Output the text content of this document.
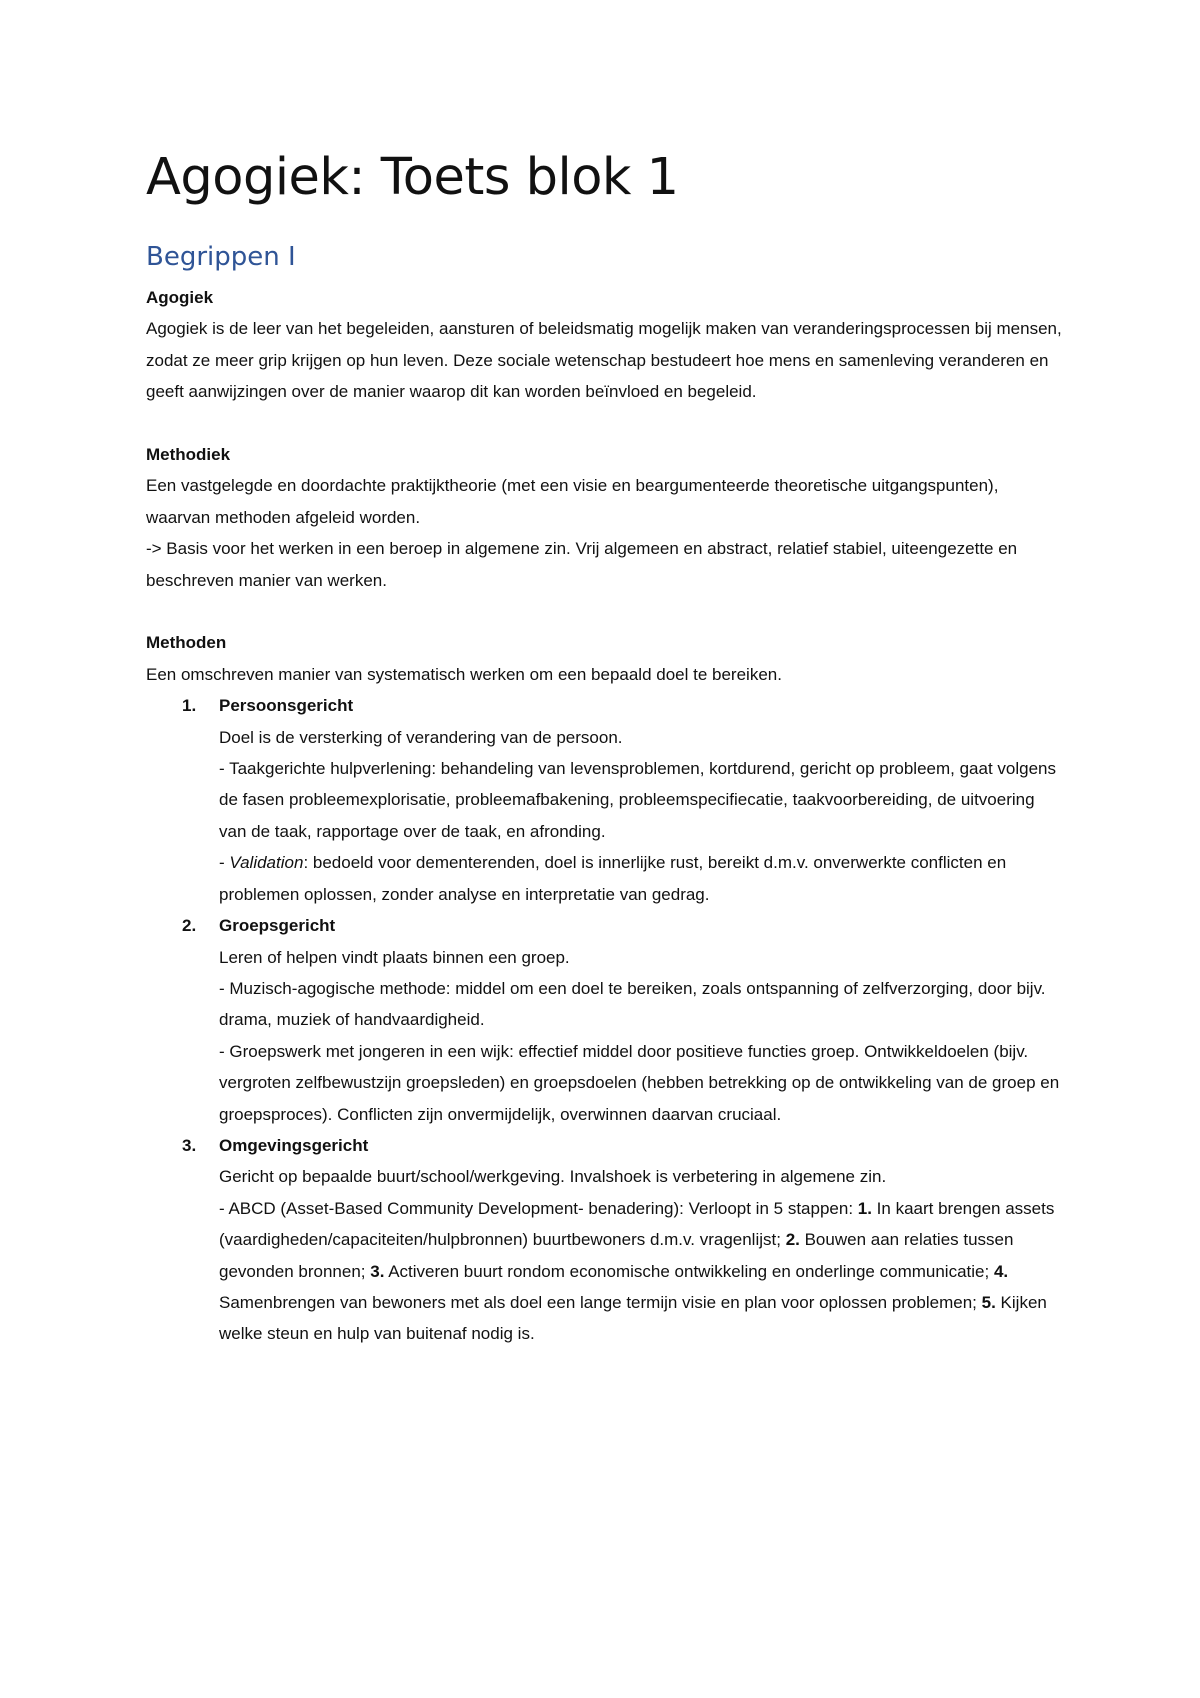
Agogiek: Toets blok 1
Begrippen I

Agogiek

Agogiek is de leer van het begeleiden, aansturen of beleidsmatig mogelijk maken van veranderingsprocessen bij mensen, zodat ze meer grip krijgen op hun leven. Deze sociale wetenschap bestudeert hoe mens en samenleving veranderen en geeft aanwijzingen over de manier waarop dit kan worden beïnvloed en begeleid.

Methodiek

Een vastgelegde en doordachte praktijktheorie (met een visie en beargumenteerde theoretische uitgangspunten), waarvan methoden afgeleid worden.

-> Basis voor het werken in een beroep in algemene zin. Vrij algemeen en abstract, relatief stabiel, uiteengezette en beschreven manier van werken.

Methoden

Een omschreven manier van systematisch werken om een bepaald doel te bereiken.

1. Persoonsgericht

Doel is de versterking of verandering van de persoon.

- Taakgerichte hulpverlening: behandeling van levensproblemen, kortdurend, gericht op probleem, gaat volgens de fasen probleemexplorisatie, probleemafbakening, probleemspecifiecatie, taakvoorbereiding, de uitvoering van de taak, rapportage over de taak, en afronding.

- Validation: bedoeld voor dementerenden, doel is innerlijke rust, bereikt d.m.v. onverwerkte conflicten en problemen oplossen, zonder analyse en interpretatie van gedrag.

2. Groepsgericht

Leren of helpen vindt plaats binnen een groep.

- Muzisch-agogische methode: middel om een doel te bereiken, zoals ontspanning of zelfverzorging, door bijv. drama, muziek of handvaardigheid.

- Groepswerk met jongeren in een wijk: effectief middel door positieve functies groep. Ontwikkeldoelen (bijv. vergroten zelfbewustzijn groepsleden) en groepsdoelen (hebben betrekking op de ontwikkeling van de groep en groepsproces). Conflicten zijn onvermijdelijk, overwinnen daarvan cruciaal.

3. Omgevingsgericht

Gericht op bepaalde buurt/school/werkgeving. Invalshoek is verbetering in algemene zin.

- ABCD (Asset-Based Community Development- benadering): Verloopt in 5 stappen: 1. In kaart brengen assets (vaardigheden/capaciteiten/hulpbronnen) buurtbewoners d.m.v. vragenlijst; 2. Bouwen aan relaties tussen gevonden bronnen; 3. Activeren buurt rondom economische ontwikkeling en onderlinge communicatie; 4. Samenbrengen van bewoners met als doel een lange termijn visie en plan voor oplossen problemen; 5. Kijken welke steun en hulp van buitenaf nodig is.
